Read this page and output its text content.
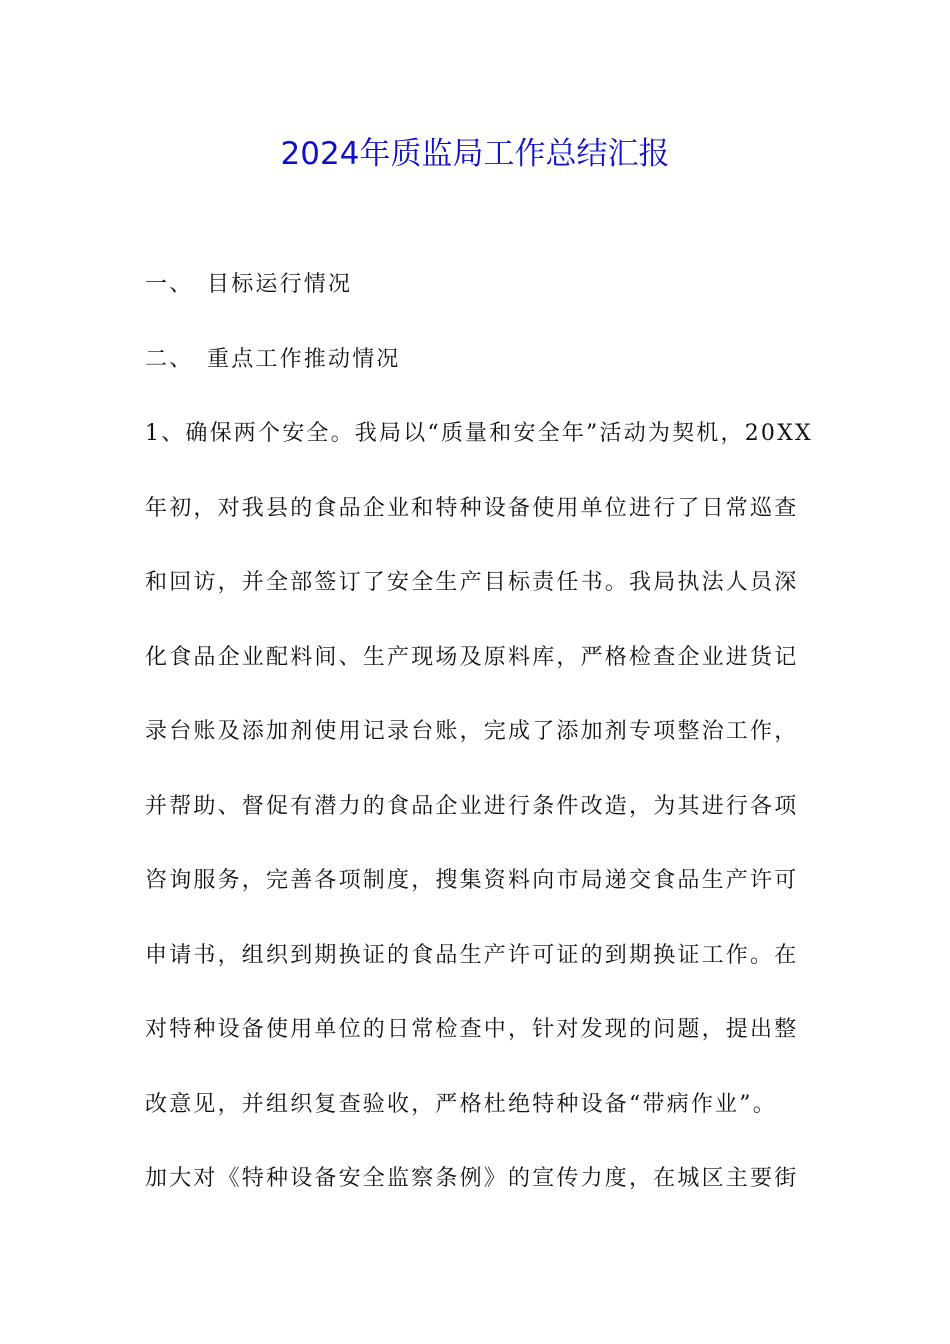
2024年质监局工作总结汇报
一、 目标运行情况
二、 重点工作推动情况
1、确保两个安全。我局以“质量和安全年”活动为契机，20XX
年初，对我县的食品企业和特种设备使用单位进行了日常巡查
和回访，并全部签订了安全生产目标责任书。我局执法人员深
化食品企业配料间、生产现场及原料库，严格检查企业进货记
录台账及添加剂使用记录台账，完成了添加剂专项整治工作，
并帮助、督促有潜力的食品企业进行条件改造，为其进行各项
咨询服务，完善各项制度，搜集资料向市局递交食品生产许可
申请书，组织到期换证的食品生产许可证的到期换证工作。在
对特种设备使用单位的日常检查中，针对发现的问题，提出整
改意见，并组织复查验收，严格杜绝特种设备“带病作业”。
加大对《特种设备安全监察条例》的宣传力度，在城区主要街
